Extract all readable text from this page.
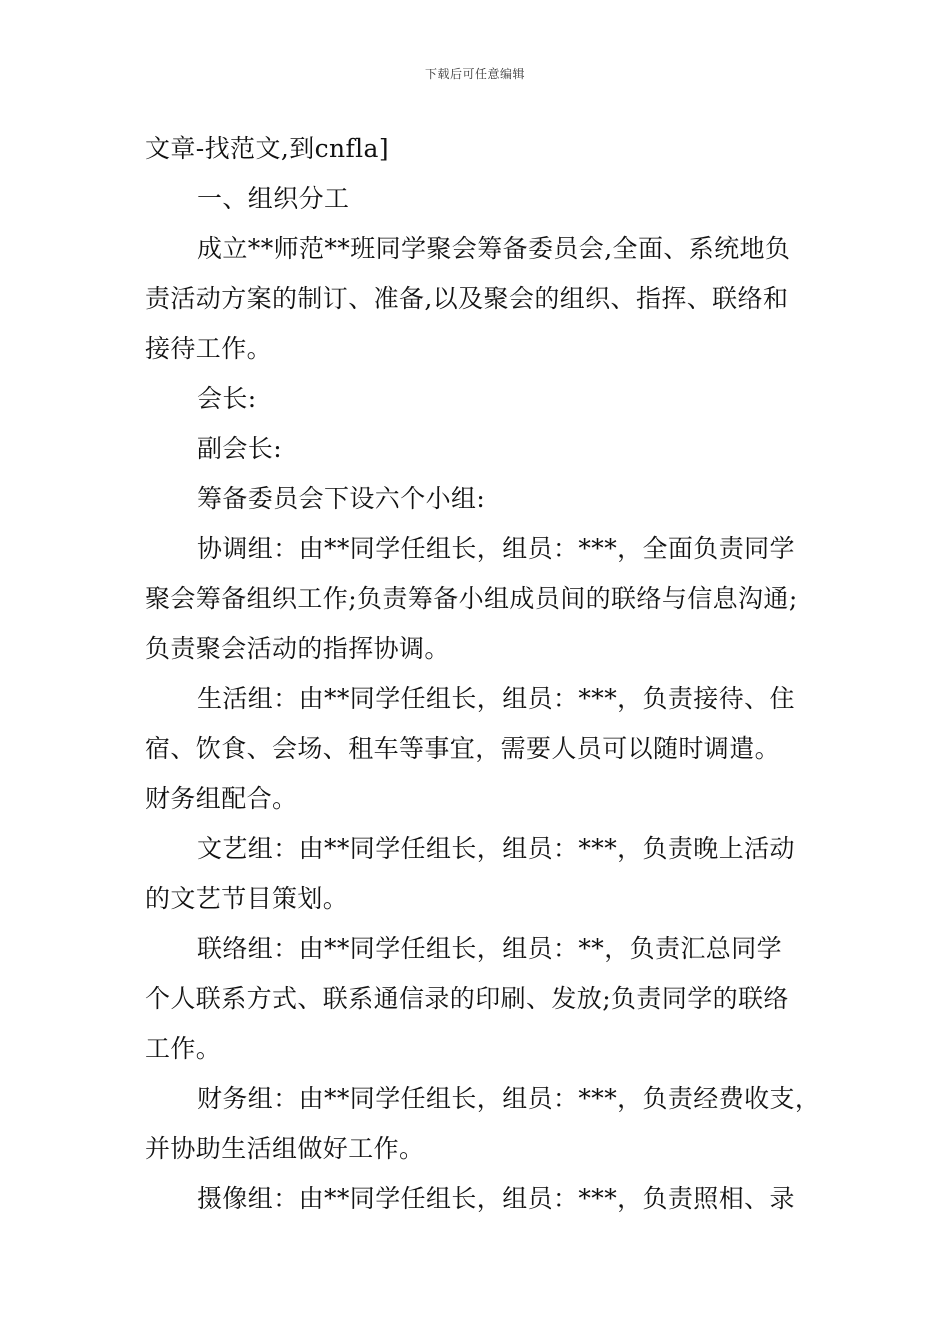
下载后可任意编辑
文章-找范文,到cnfla]
一、组织分工
成立**师范**班同学聚会筹备委员会,全面、系统地负
责活动方案的制订、准备,以及聚会的组织、指挥、联络和
接待工作。
会长:
副会长:
筹备委员会下设六个小组:
协调组：由**同学任组长，组员：***，全面负责同学
聚会筹备组织工作;负责筹备小组成员间的联络与信息沟通;
负责聚会活动的指挥协调。
生活组：由**同学任组长，组员：***，负责接待、住
宿、饮食、会场、租车等事宜，需要人员可以随时调遣。
财务组配合。
文艺组：由**同学任组长，组员：***，负责晚上活动
的文艺节目策划。
联络组：由**同学任组长，组员：**，负责汇总同学
个人联系方式、联系通信录的印刷、发放;负责同学的联络
工作。
财务组：由**同学任组长，组员：***，负责经费收支，
并协助生活组做好工作。
摄像组：由**同学任组长，组员：***，负责照相、录
